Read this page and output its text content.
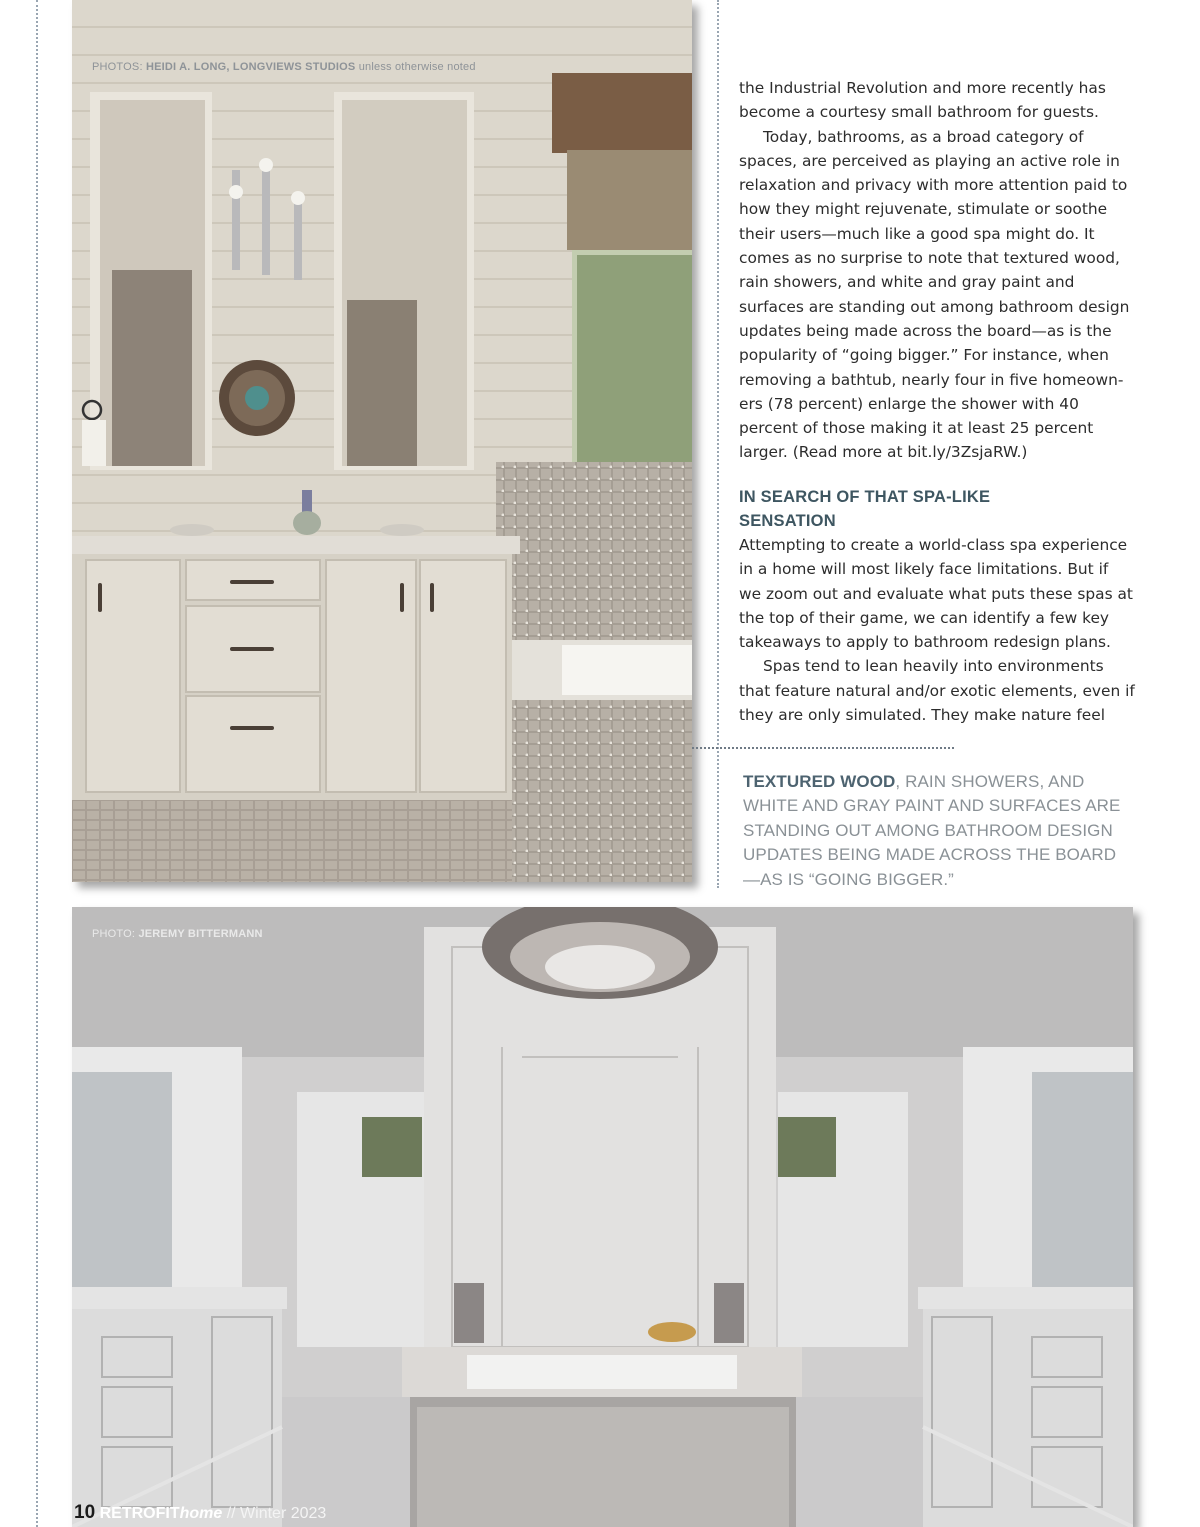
PHOTOS: HEIDI A. LONG, LONGVIEWS STUDIOS unless otherwise noted

the Industrial Revolution and more recently has become a courtesy small bathroom for guests.

Today, bathrooms, as a broad category of spaces, are perceived as playing an active role in relaxation and privacy with more attention paid to how they might rejuvenate, stimulate or soothe their users—much like a good spa might do. It comes as no surprise to note that textured wood, rain showers, and white and gray paint and surfaces are standing out among bathroom design updates being made across the board—as is the popularity of “going bigger.” For instance, when removing a bathtub, nearly four in five homeown-ers (78 percent) enlarge the shower with 40 percent of those making it at least 25 percent larger. (Read more at bit.ly/3ZsjaRW.)

IN SEARCH OF THAT SPA-LIKE SENSATION

Attempting to create a world-class spa experience in a home will most likely face limitations. But if we zoom out and evaluate what puts these spas at the top of their game, we can identify a few key takeaways to apply to bathroom redesign plans.

Spas tend to lean heavily into environments that feature natural and/or exotic elements, even if they are only simulated. They make nature feel

TEXTURED WOOD, RAIN SHOWERS, AND WHITE AND GRAY PAINT AND SURFACES ARE STANDING OUT AMONG BATHROOM DESIGN UPDATES BEING MADE ACROSS THE BOARD—AS IS “GOING BIGGER.”
PHOTO: JEREMY BITTERMANN
10 RETROFIThome // Winter 2023
